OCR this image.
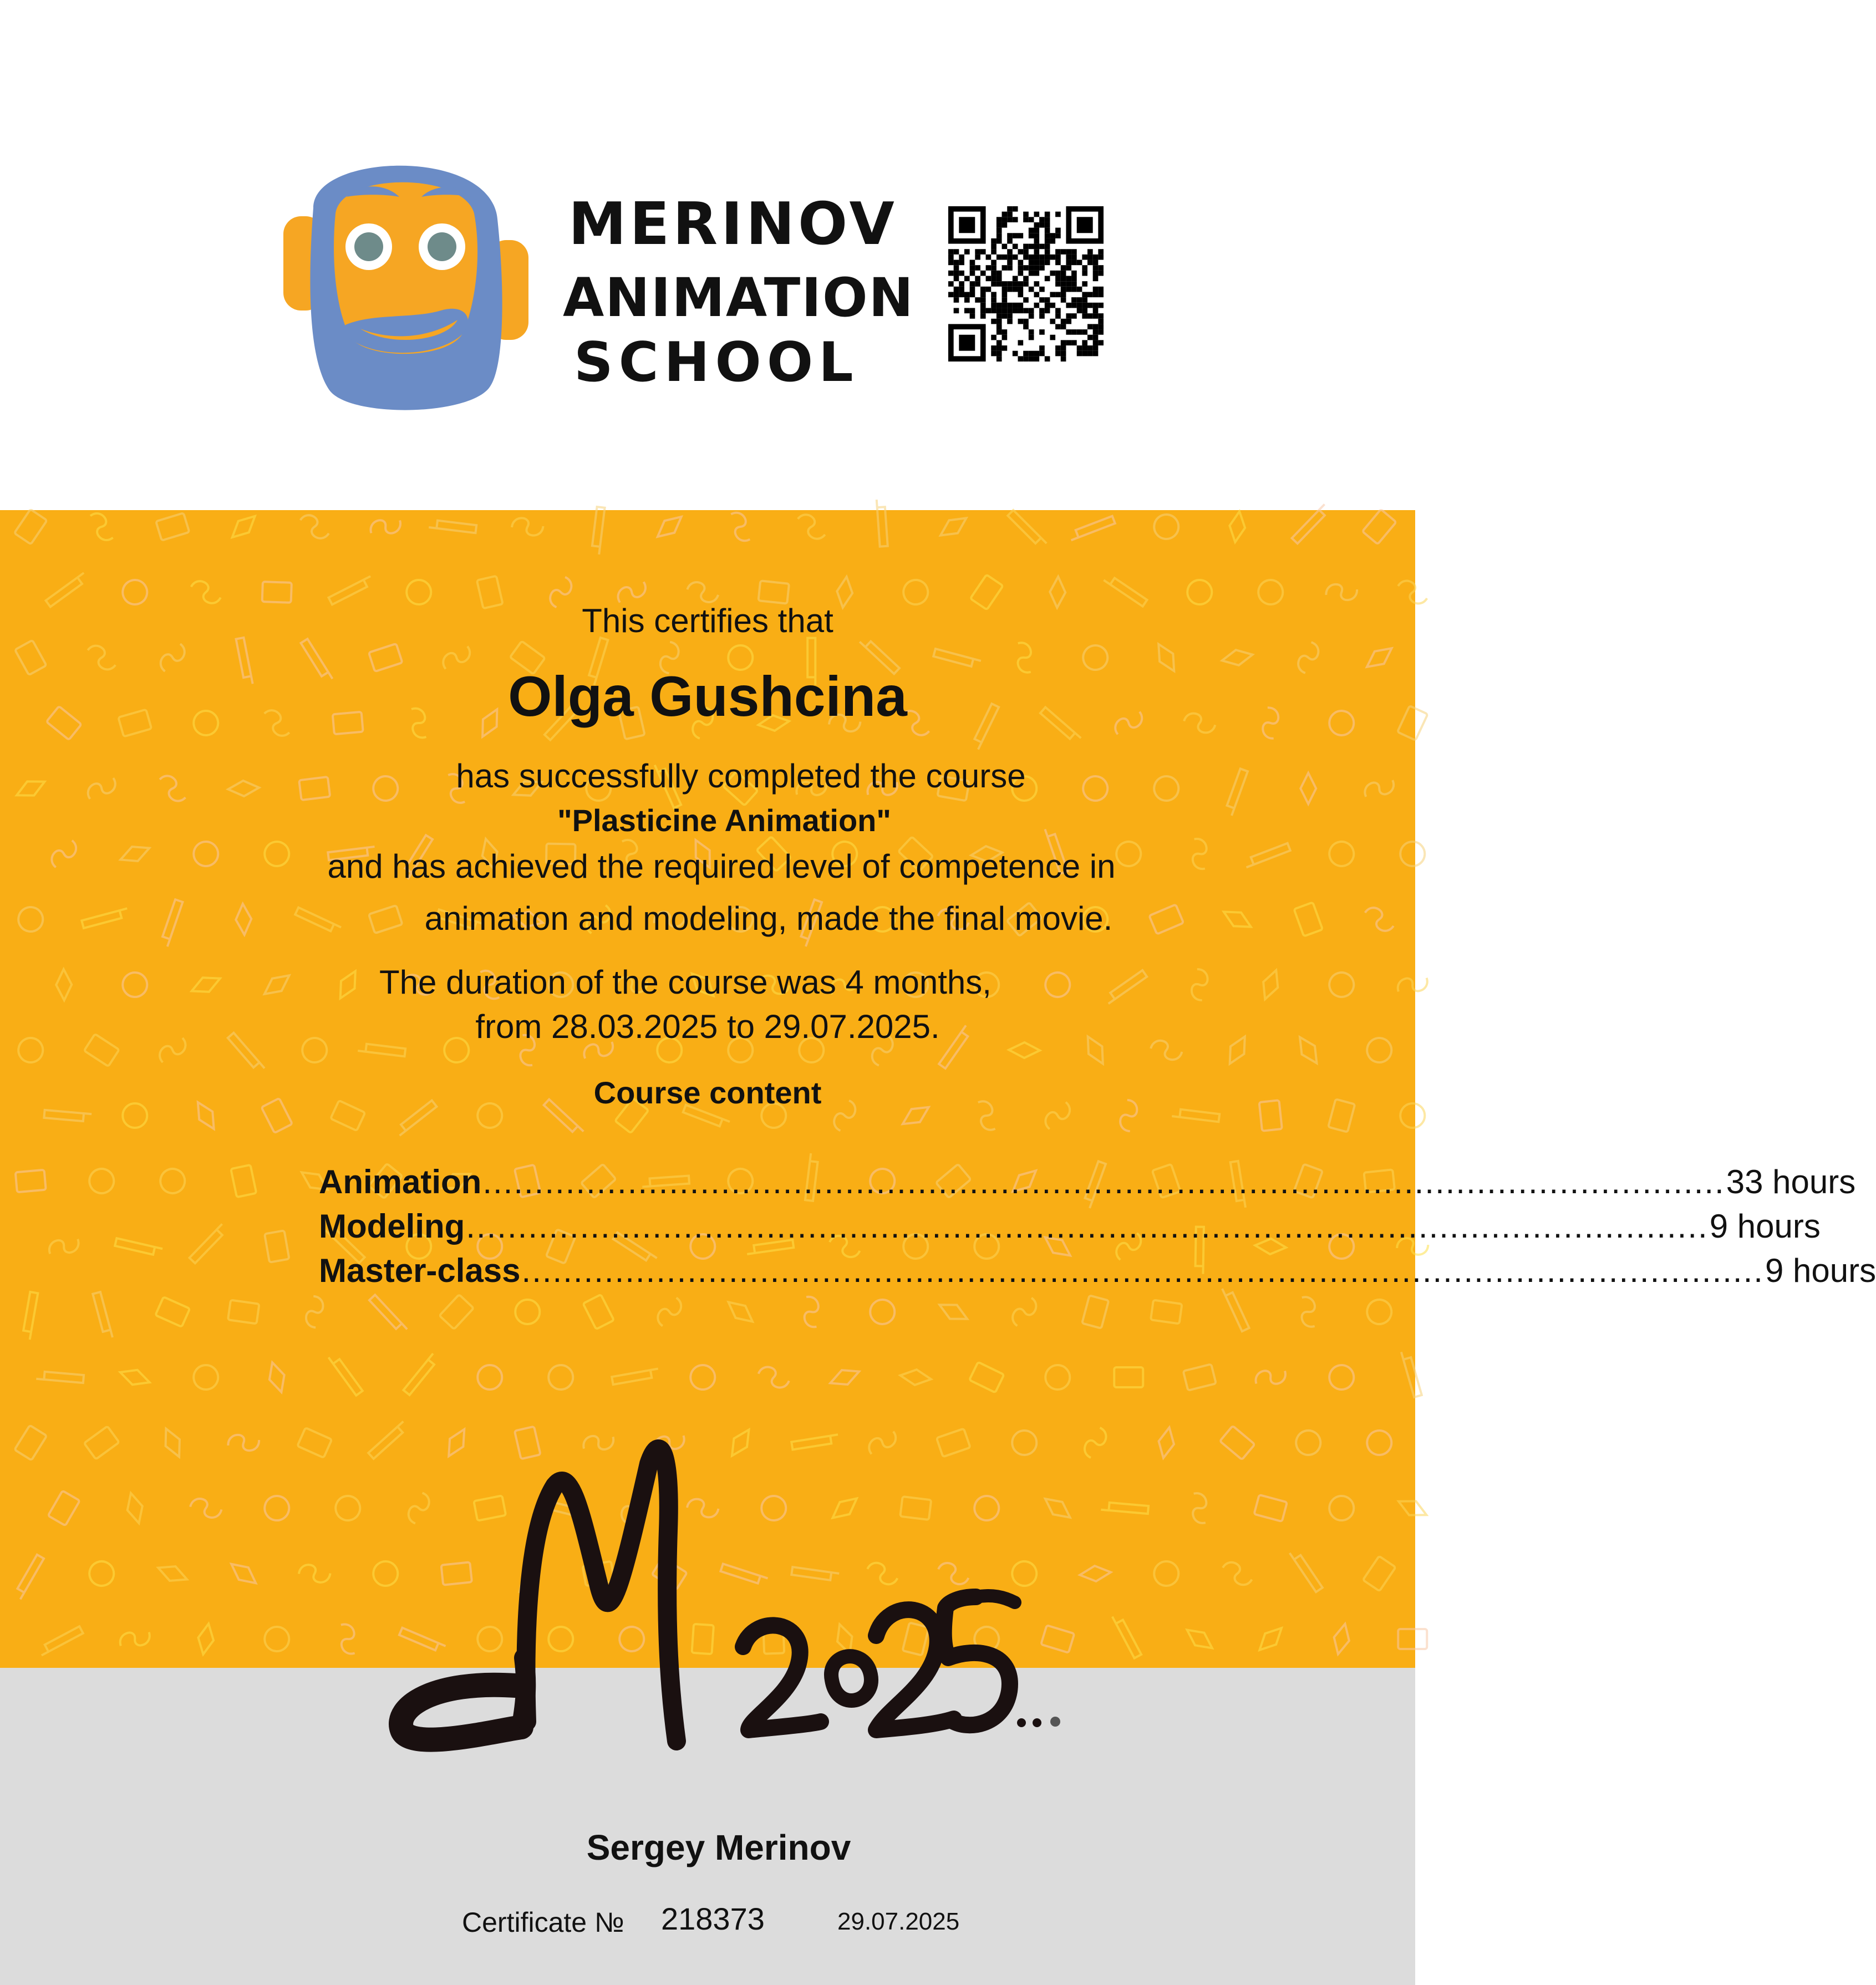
MERINOV
ANIMATION
SCHOOL
This certifies that
Olga Gushcina
has successfully completed the course
"Plasticine Animation"
and has achieved the required level of competence in
animation and modeling, made the final movie.
The duration of the course was 4 months,
from 28.03.2025 to 29.07.2025.
Course content
Animation ........................................................................................................................ 33 hours
Modeling ........................................................................................................................ 9 hours
Master-class ........................................................................................................................ 9 hours
Sergey Merinov
Certificate № 218373	29.07.2025
